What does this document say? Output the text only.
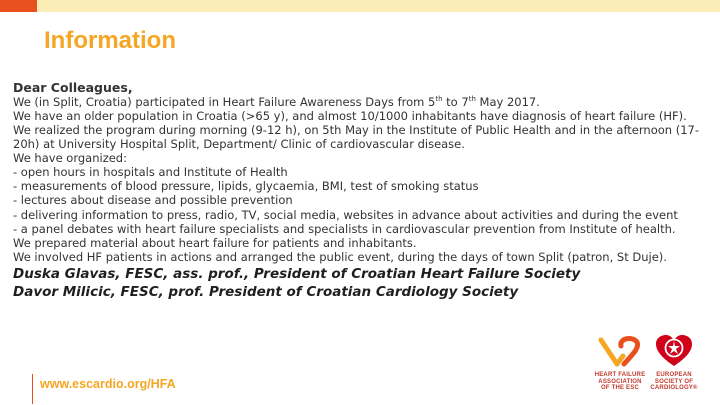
Information

Dear Colleagues,

We (in Split, Croatia) participated in Heart Failure Awareness Days from 5th to 7th May 2017.

We have an older population in Croatia (>65 y), and almost 10/1000 inhabitants have diagnosis of heart failure (HF).

We realized the program during morning (9-12 h), on 5th May in the Institute of Public Health and in the afternoon (17-20h) at University Hospital Split, Department/ Clinic of cardiovascular disease.

We have organized:

- open hours in hospitals and Institute of Health

- measurements of blood pressure, lipids, glycaemia, BMI, test of smoking status

- lectures about disease and possible prevention

- delivering information to press, radio, TV, social media, websites in advance about activities and during the event

- a panel debates with heart failure specialists and specialists in cardiovascular prevention from Institute of health.

We prepared material about heart failure for patients and inhabitants.

We involved HF patients in actions and arranged the public event, during the days of town Split (patron, St Duje).

Duska Glavas, FESC, ass. prof., President of Croatian Heart Failure Society

Davor Milicic, FESC, prof. President of Croatian Cardiology Society

www.escardio.org/HFA
HEART FAILURE
ASSOCIATION
OF THE ESC
EUROPEAN
SOCIETY OF
CARDIOLOGY®
